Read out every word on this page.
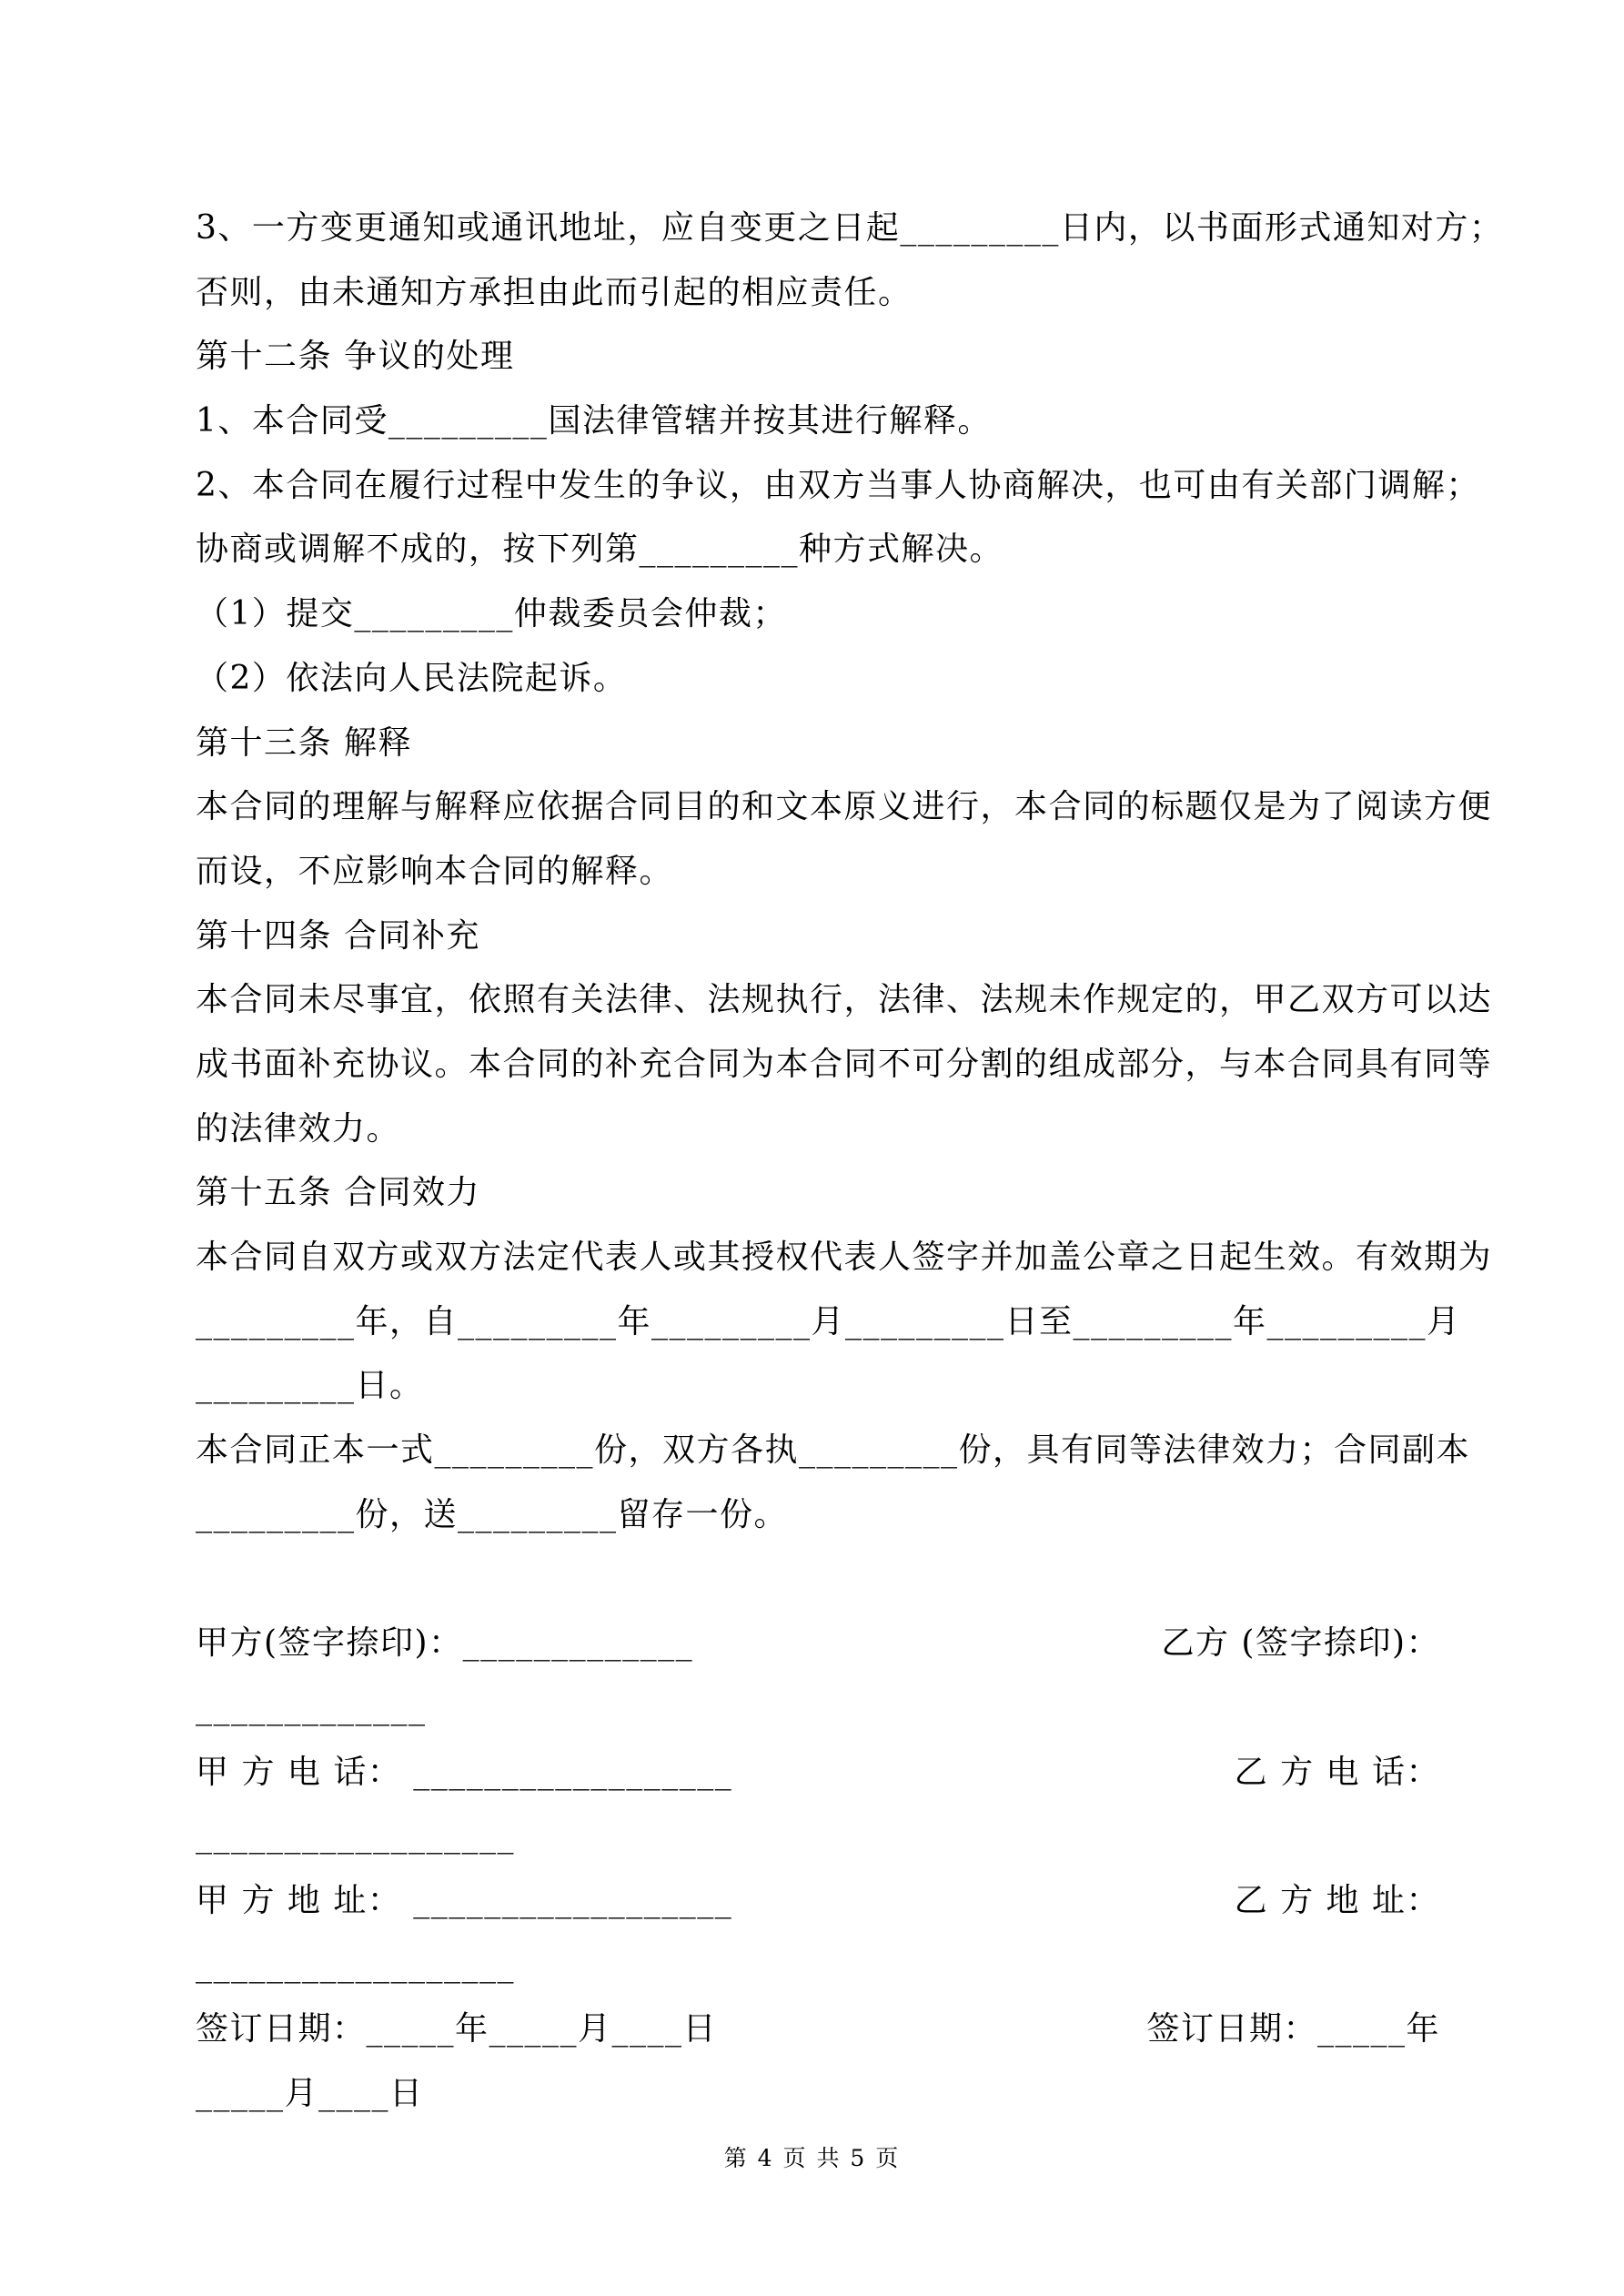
3、一方变更通知或通讯地址，应自变更之日起_________日内，以书面形式通知对方；
否则，由未通知方承担由此而引起的相应责任。
第十二条 争议的处理
1、本合同受_________国法律管辖并按其进行解释。
2、本合同在履行过程中发生的争议，由双方当事人协商解决，也可由有关部门调解；
协商或调解不成的，按下列第_________种方式解决。
（1）提交_________仲裁委员会仲裁；
（2）依法向人民法院起诉。
第十三条 解释
本合同的理解与解释应依据合同目的和文本原义进行，本合同的标题仅是为了阅读方便
而设，不应影响本合同的解释。
第十四条 合同补充
本合同未尽事宜，依照有关法律、法规执行，法律、法规未作规定的，甲乙双方可以达
成书面补充协议。本合同的补充合同为本合同不可分割的组成部分，与本合同具有同等
的法律效力。
第十五条 合同效力
本合同自双方或双方法定代表人或其授权代表人签字并加盖公章之日起生效。有效期为
_________年，自_________年_________月_________日至_________年_________月
_________日。
本合同正本一式_________份，双方各执_________份，具有同等法律效力；合同副本
_________份，送_________留存一份。
甲方(签字捺印)：_____________	乙方 (签字捺印)：
_____________
甲 方 电 话： __________________	乙 方 电 话：
__________________
甲 方 地 址： __________________	乙 方 地 址：
__________________
签订日期：_____年_____月____日	签订日期：_____年
_____月____日
第 4 页 共 5 页
